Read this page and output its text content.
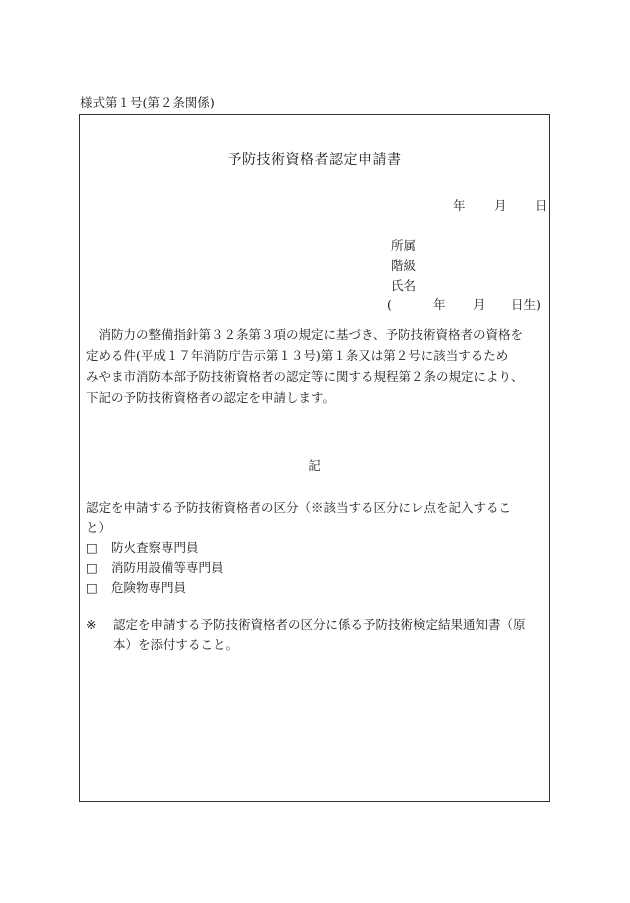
様式第１号(第２条関係)
予防技術資格者認定申請書
年 月 日
所属
階級
氏名
(	年 月 日生)
　消防力の整備指針第３２条第３項の規定に基づき、予防技術資格者の資格を
定める件(平成１７年消防庁告示第１３号)第１条又は第２号に該当するため
みやま市消防本部予防技術資格者の認定等に関する規程第２条の規定により、
下記の予防技術資格者の認定を申請します。
記
認定を申請する予防技術資格者の区分（※該当する区分にレ点を記入するこ
と）
□ 防火査察専門員
□ 消防用設備等専門員
□ 危険物専門員
※ 認定を申請する予防技術資格者の区分に係る予防技術検定結果通知書（原
本）を添付すること。
